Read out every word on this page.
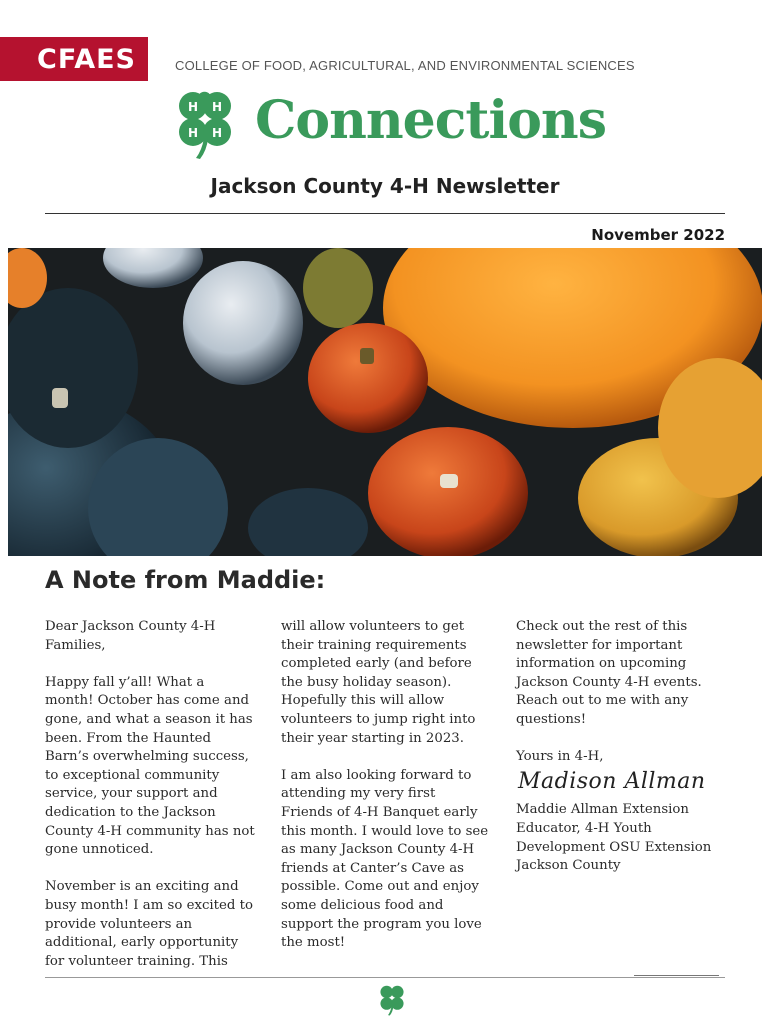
CFAES	COLLEGE OF FOOD, AGRICULTURAL, AND ENVIRONMENTAL SCIENCES
H H
H H Connections
Jackson County 4-H Newsletter
November 2022
A Note from Maddie:

Dear Jackson County 4-H Families,

Happy fall y’all! What a month! October has come and gone, and what a season it has been. From the Haunted Barn’s overwhelming success, to exceptional community service, your support and dedication to the Jackson County 4-H community has not gone unnoticed.

November is an exciting and busy month! I am so excited to provide volunteers an additional, early opportunity for volunteer training. This

will allow volunteers to get their training requirements completed early (and before the busy holiday season). Hopefully this will allow volunteers to jump right into their year starting in 2023.

I am also looking forward to attending my very first Friends of 4-H Banquet early this month. I would love to see as many Jackson County 4-H friends at Canter’s Cave as possible. Come out and enjoy some delicious food and support the program you love the most!

Check out the rest of this newsletter for important information on upcoming Jackson County 4-H events. Reach out to me with any questions!

Yours in 4-H,

Madison Allman

Maddie Allman Extension Educator, 4-H Youth Development OSU Extension Jackson County
